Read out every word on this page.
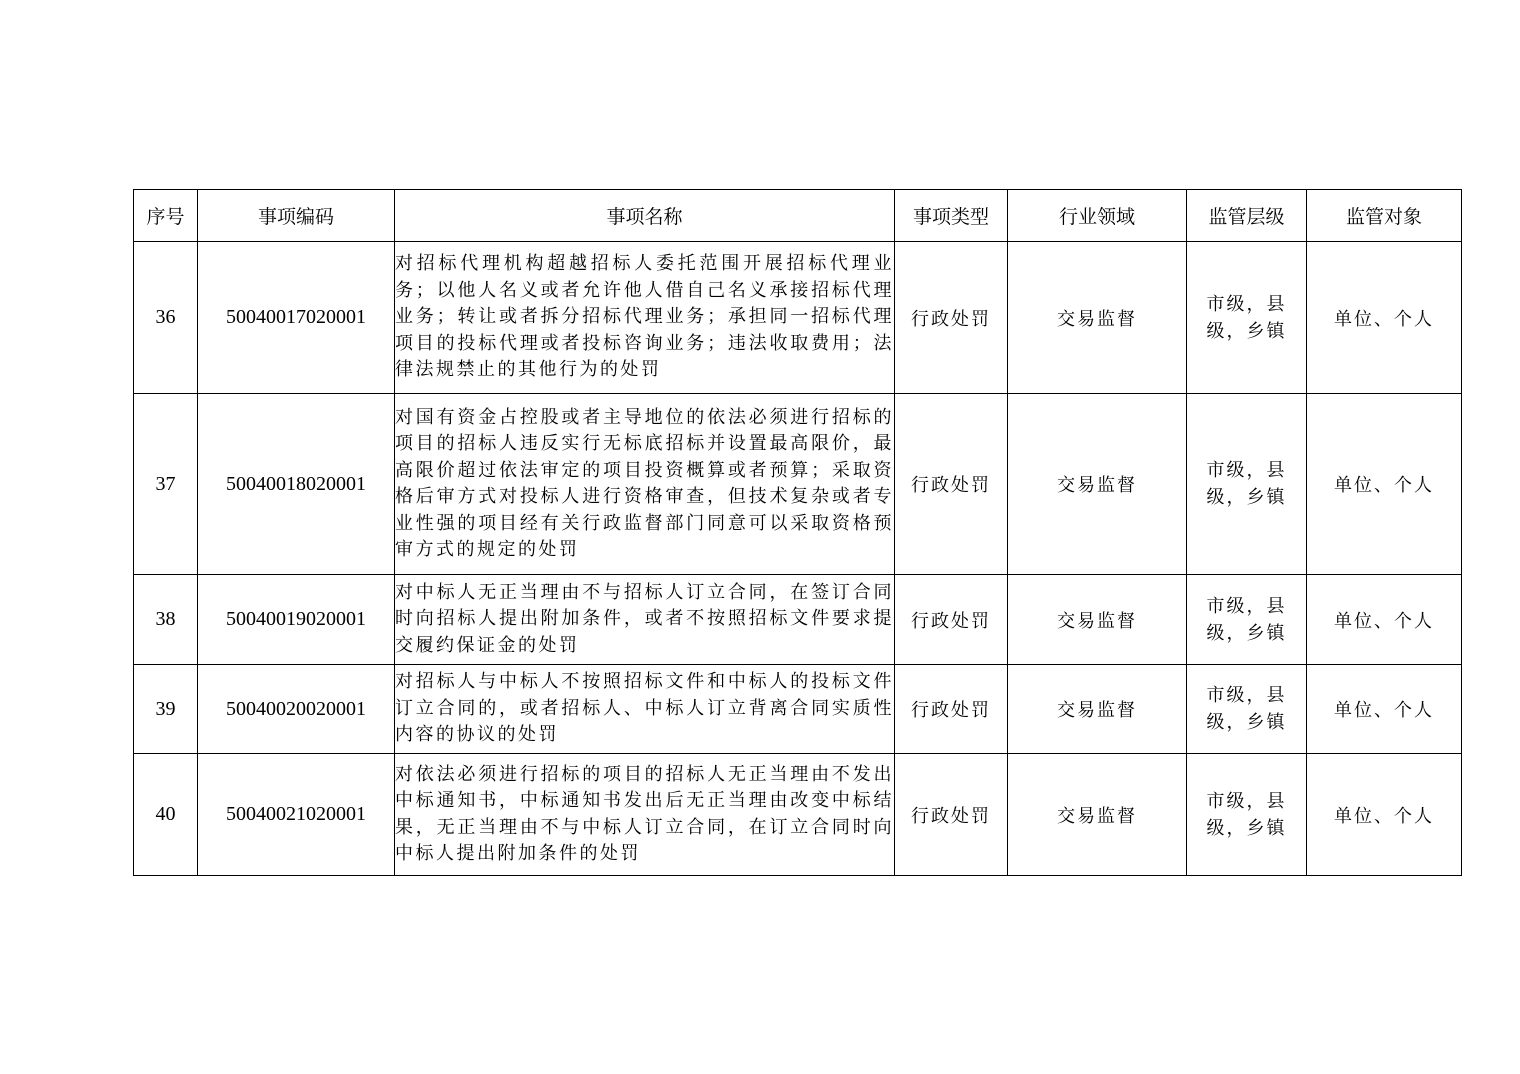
序号	事项编码	事项名称	事项类型	行业领域	监管层级	监管对象
36	50040017020001	对招标代理机构超越招标人委托范围开展招标代理业务；以他人名义或者允许他人借自己名义承接招标代理业务；转让或者拆分招标代理业务；承担同一招标代理项目的投标代理或者投标咨询业务；违法收取费用；法律法规禁止的其他行为的处罚	行政处罚	交易监督	市级，县级，乡镇	单位、个人
37	50040018020001	对国有资金占控股或者主导地位的依法必须进行招标的项目的招标人违反实行无标底招标并设置最高限价，最高限价超过依法审定的项目投资概算或者预算；采取资格后审方式对投标人进行资格审查，但技术复杂或者专业性强的项目经有关行政监督部门同意可以采取资格预审方式的规定的处罚	行政处罚	交易监督	市级，县级，乡镇	单位、个人
38	50040019020001	对中标人无正当理由不与招标人订立合同，在签订合同时向招标人提出附加条件，或者不按照招标文件要求提交履约保证金的处罚	行政处罚	交易监督	市级，县级，乡镇	单位、个人
39	50040020020001	对招标人与中标人不按照招标文件和中标人的投标文件订立合同的，或者招标人、中标人订立背离合同实质性内容的协议的处罚	行政处罚	交易监督	市级，县级，乡镇	单位、个人
40	50040021020001	对依法必须进行招标的项目的招标人无正当理由不发出中标通知书，中标通知书发出后无正当理由改变中标结果，无正当理由不与中标人订立合同，在订立合同时向中标人提出附加条件的处罚	行政处罚	交易监督	市级，县级，乡镇	单位、个人
